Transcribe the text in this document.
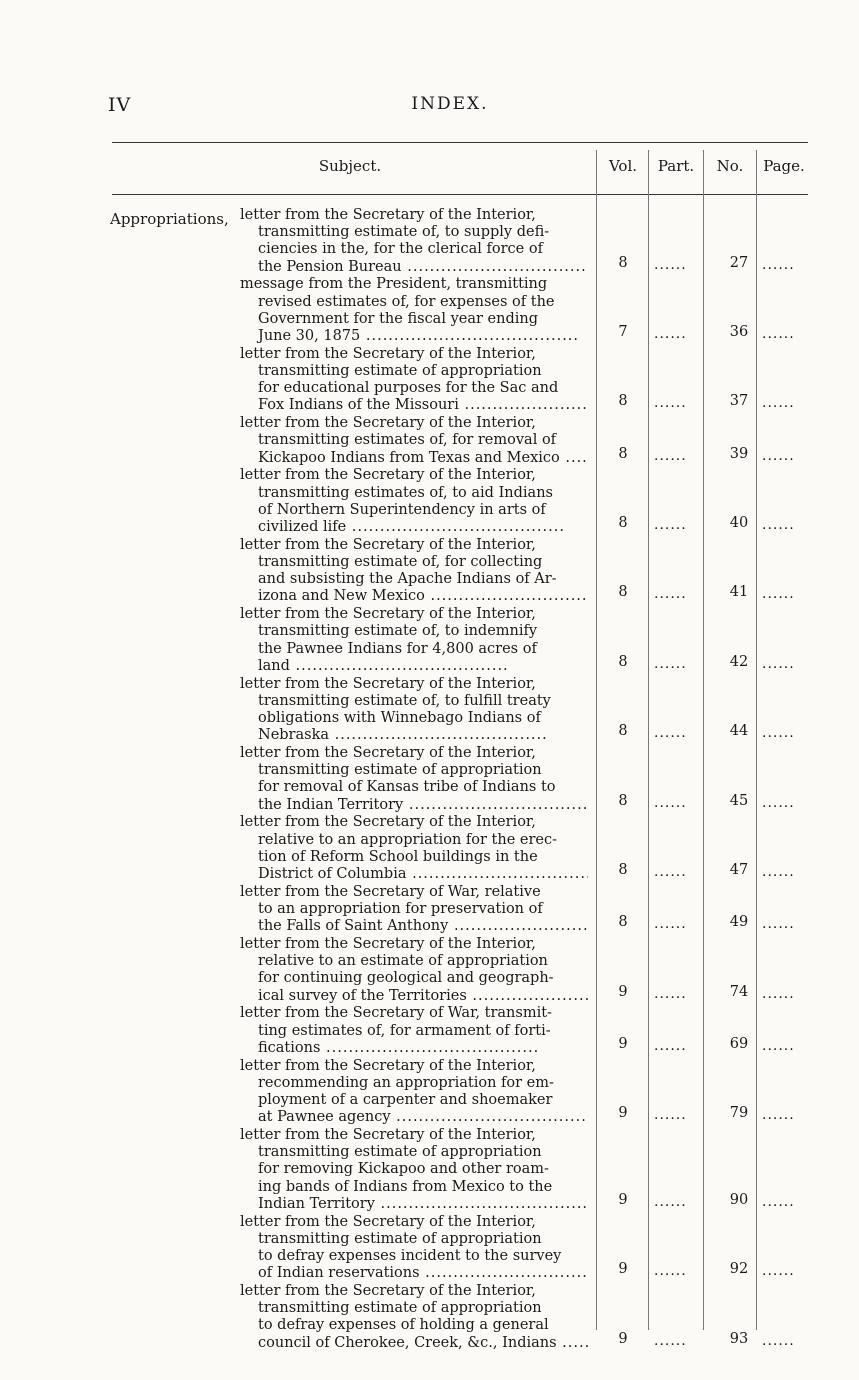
IV	INDEX.
Subject.	Vol.	Part.	No.	Page.
Appropriations, letter from the Secretary of the Interior,
transmitting estimate of, to supply defi-
ciencies in the, for the clerical force of
the Pension Bureau .....	8	......	27 ......
message from the President, transmitting
revised estimates of, for expenses of the
Government for the fiscal year ending
June 30, 1875 .....	7	......	36 ......
letter from the Secretary of the Interior,
transmitting estimate of appropriation
for educational purposes for the Sac and
Fox Indians of the Missouri .....	8	......	37 ......
letter from the Secretary of the Interior,
transmitting estimates of, for removal of
Kickapoo Indians from Texas and Mexico .....	8	......	39 ......
letter from the Secretary of the Interior,
transmitting estimates of, to aid Indians
of Northern Superintendency in arts of
civilized life .....	8	......	40 ......
letter from the Secretary of the Interior,
transmitting estimate of, for collecting
and subsisting the Apache Indians of Ar-
izona and New Mexico .....	8	......	41 ......
letter from the Secretary of the Interior,
transmitting estimate of, to indemnify
the Pawnee Indians for 4,800 acres of
land .....	8	......	42 ......
letter from the Secretary of the Interior,
transmitting estimate of, to fulfill treaty
obligations with Winnebago Indians of
Nebraska .....	8	......	44 ......
letter from the Secretary of the Interior,
transmitting estimate of appropriation
for removal of Kansas tribe of Indians to
the Indian Territory .....	8	......	45 ......
letter from the Secretary of the Interior,
relative to an appropriation for the erec-
tion of Reform School buildings in the
District of Columbia .....	8	......	47 ......
letter from the Secretary of War, relative
to an appropriation for preservation of
the Falls of Saint Anthony .....	8	......	49 ......
letter from the Secretary of the Interior,
relative to an estimate of appropriation
for continuing geological and geograph-
ical survey of the Territories .....	9	......	74 ......
letter from the Secretary of War, transmit-
ting estimates of, for armament of forti-
fications .....	9	......	69 ......
letter from the Secretary of the Interior,
recommending an appropriation for em-
ployment of a carpenter and shoemaker
at Pawnee agency .....	9	......	79 ......
letter from the Secretary of the Interior,
transmitting estimate of appropriation
for removing Kickapoo and other roam-
ing bands of Indians from Mexico to the
Indian Territory .....	9	......	90 ......
letter from the Secretary of the Interior,
transmitting estimate of appropriation
to defray expenses incident to the survey
of Indian reservations .....	9	......	92 ......
letter from the Secretary of the Interior,
transmitting estimate of appropriation
to defray expenses of holding a general
council of Cherokee, Creek, &c., Indians .....	9	......	93 ......
